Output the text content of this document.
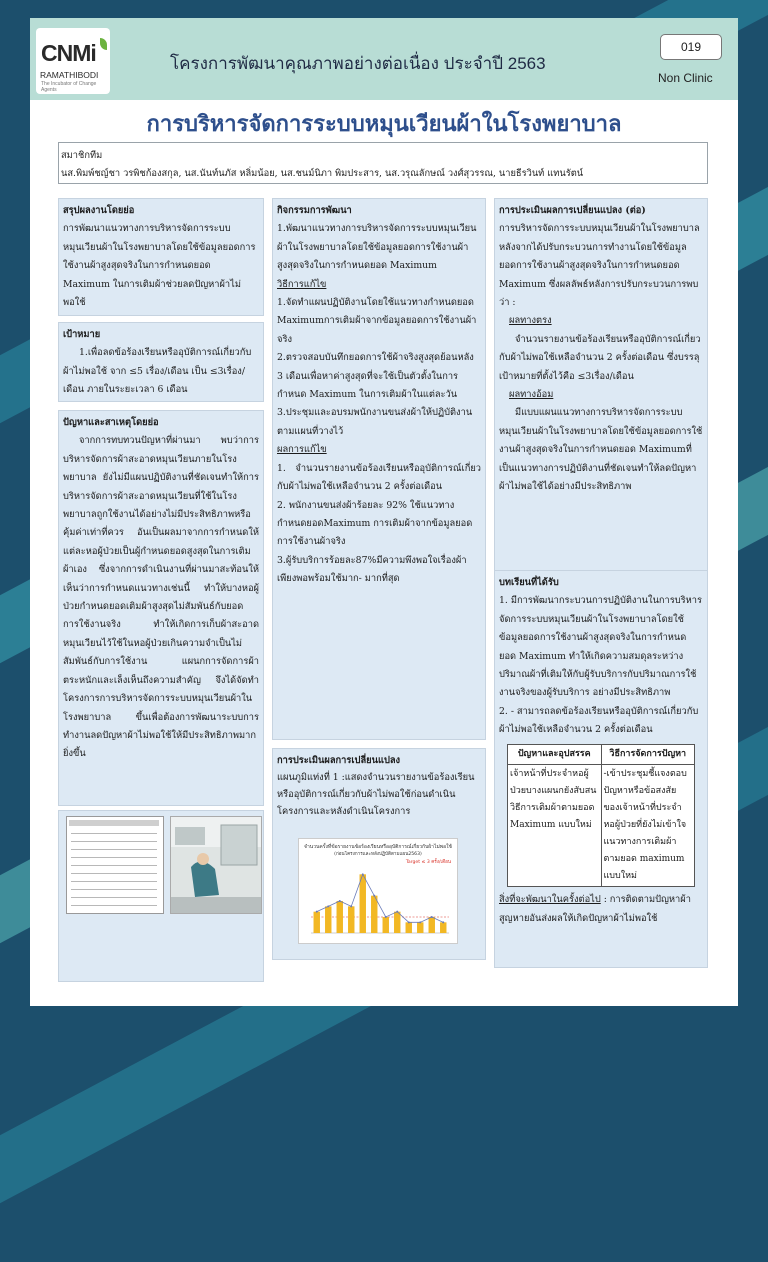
CNMi
RAMATHIBODI
The Incubator of Change Agents
โครงการพัฒนาคุณภาพอย่างต่อเนื่อง ประจำปี 2563
019
Non Clinic
การบริหารจัดการระบบหมุนเวียนผ้าในโรงพยาบาล
สมาชิกทีม
นส.พิมพ์ชญ์ชา วรพิชก้องสกุล, นส.นันท์นภัส หลิ่มน้อย, นส.ชนม์นิภา พิมประสาร, นส.วรุณลักษณ์ วงศ์สุวรรณ, นายธีรวินท์ แทนรัตน์
สรุปผลงานโดยย่อ

การพัฒนาแนวทางการบริหารจัดการระบบหมุนเวียนผ้าในโรงพยาบาลโดยใช้ข้อมูลยอดการใช้งานผ้าสูงสุดจริงในการกำหนดยอด Maximum ในการเติมผ้าช่วยลดปัญหาผ้าไม่พอใช้

เป้าหมาย

1.เพื่อลดข้อร้องเรียนหรืออุบัติการณ์เกี่ยวกับผ้าไม่พอใช้ จาก ≤5 เรื่อง/เดือน เป็น ≤3เรื่อง/เดือน ภายในระยะเวลา 6 เดือน

ปัญหาและสาเหตุโดยย่อ

จากการทบทวนปัญหาที่ผ่านมา พบว่าการบริหารจัดการผ้าสะอาดหมุนเวียนภายในโรงพยาบาล ยังไม่มีแผนปฏิบัติงานที่ชัดเจนทำให้การบริหารจัดการผ้าสะอาดหมุนเวียนที่ใช้ในโรงพยาบาลถูกใช้งานได้อย่างไม่มีประสิทธิภาพหรือคุ้มค่าเท่าที่ควร อันเป็นผลมาจากการกำหนดให้แต่ละหอผู้ป่วยเป็นผู้กำหนดยอดสูงสุดในการเติมผ้าเอง ซึ่งจากการดำเนินงานที่ผ่านมาสะท้อนให้เห็นว่าการกำหนดแนวทางเช่นนี้ ทำให้บางหอผู้ป่วยกำหนดยอดเติมผ้าสูงสุดไม่สัมพันธ์กับยอดการใช้งานจริง ทำให้เกิดการเก็บผ้าสะอาดหมุนเวียนไว้ใช้ในหอผู้ป่วยเกินความจำเป็นไม่สัมพันธ์กับการใช้งาน แผนกการจัดการผ้าตระหนักและเล็งเห็นถึงความสำคัญ จึงได้จัดทำ โครงการการบริหารจัดการระบบหมุนเวียนผ้าในโรงพยาบาล ขึ้นเพื่อต้องการพัฒนาระบบการทำงานลดปัญหาผ้าไม่พอใช้ให้มีประสิทธิภาพมากยิ่งขึ้น

กิจกรรมการพัฒนา

1.พัฒนาแนวทางการบริหารจัดการระบบหมุนเวียนผ้าในโรงพยาบาลโดยใช้ข้อมูลยอดการใช้งานผ้าสูงสุดจริงในการกำหนดยอด Maximum

วิธีการแก้ไข

1.จัดทำแผนปฏิบัติงานโดยใช้แนวทางกำหนดยอด Maximumการเติมผ้าจากข้อมูลยอดการใช้งานผ้าจริง

2.ตรวจสอบบันทึกยอดการใช้ผ้าจริงสูงสุดย้อนหลัง 3 เดือนเพื่อหาค่าสูงสุดที่จะใช้เป็นตัวตั้งในการกำหนด Maximum ในการเติมผ้าในแต่ละวัน

3.ประชุมและอบรมพนักงานขนส่งผ้าให้ปฏิบัติงานตามแผนที่วางไว้

ผลการแก้ไข

1. จำนวนรายงานข้อร้องเรียนหรืออุบัติการณ์เกี่ยวกับผ้าไม่พอใช้เหลือจำนวน 2 ครั้งต่อเดือน

2. พนักงานขนส่งผ้าร้อยละ 92% ใช้แนวทางกำหนดยอดMaximum การเติมผ้าจากข้อมูลยอดการใช้งานผ้าจริง

3.ผู้รับบริการร้อยละ87%มีความพึงพอใจเรื่องผ้าเพียงพอพร้อมใช้มาก- มากที่สุด

การประเมินผลการเปลี่ยนแปลง

แผนภูมิแท่งที่ 1 :แสดงจำนวนรายงานข้อร้องเรียนหรืออุบัติการณ์เกี่ยวกับผ้าไม่พอใช้ก่อนดำเนินโครงการและหลังดำเนินโครงการ

จำนวนครั้งที่ข้อรายงานข้อร้องเรียนหรืออุบัติการณ์เกี่ยวกับผ้าไม่พอใช้
(ก่อนโครงการและหลังปฏิบัติตามแผน2563)
Target ≤ 3 ครั้ง/เดือน
การประเมินผลการเปลี่ยนแปลง (ต่อ)

การบริหารจัดการระบบหมุนเวียนผ้าในโรงพยาบาลหลังจากได้ปรับกระบวนการทำงานโดยใช้ข้อมูลยอดการใช้งานผ้าสูงสุดจริงในการกำหนดยอด Maximum ซึ่งผลลัพธ์หลังการปรับกระบวนการพบว่า :

ผลทางตรง

จำนวนรายงานข้อร้องเรียนหรืออุบัติการณ์เกี่ยวกับผ้าไม่พอใช้เหลือจำนวน 2 ครั้งต่อเดือน ซึ่งบรรลุเป้าหมายที่ตั้งไว้คือ ≤3เรื่อง/เดือน

ผลทางอ้อม

มีแบบแผนแนวทางการบริหารจัดการระบบหมุนเวียนผ้าในโรงพยาบาลโดยใช้ข้อมูลยอดการใช้งานผ้าสูงสุดจริงในการกำหนดยอด Maximumที่เป็นแนวทางการปฏิบัติงานที่ชัดเจนทำให้ลดปัญหาผ้าไม่พอใช้ได้อย่างมีประสิทธิภาพ

บทเรียนที่ได้รับ

1. มีการพัฒนากระบวนการปฏิบัติงานในการบริหารจัดการระบบหมุนเวียนผ้าในโรงพยาบาลโดยใช้ข้อมูลยอดการใช้งานผ้าสูงสุดจริงในการกำหนดยอด Maximum ทำให้เกิดความสมดุลระหว่างปริมาณผ้าที่เติมให้กับผู้รับบริการกับปริมาณการใช้งานจริงของผู้รับบริการ อย่างมีประสิทธิภาพ

2. - สามารถลดข้อร้องเรียนหรืออุบัติการณ์เกี่ยวกับผ้าไม่พอใช้เหลือจำนวน 2 ครั้งต่อเดือน

ปัญหาและอุปสรรค	วิธีการจัดการปัญหา
เจ้าหน้าที่ประจำหอผู้ป่วยบางแผนกยังสับสนวิธีการเติมผ้าตามยอด Maximum แบบใหม่	-เข้าประชุมชี้แจงตอบปัญหาหรือข้อสงสัยของเจ้าหน้าที่ประจำหอผู้ป่วยที่ยังไม่เข้าใจแนวทางการเติมผ้าตามยอด maximum แบบใหม่

สิ่งที่จะพัฒนาในครั้งต่อไป : การติดตามปัญหาผ้าสูญหายอันส่งผลให้เกิดปัญหาผ้าไม่พอใช้
